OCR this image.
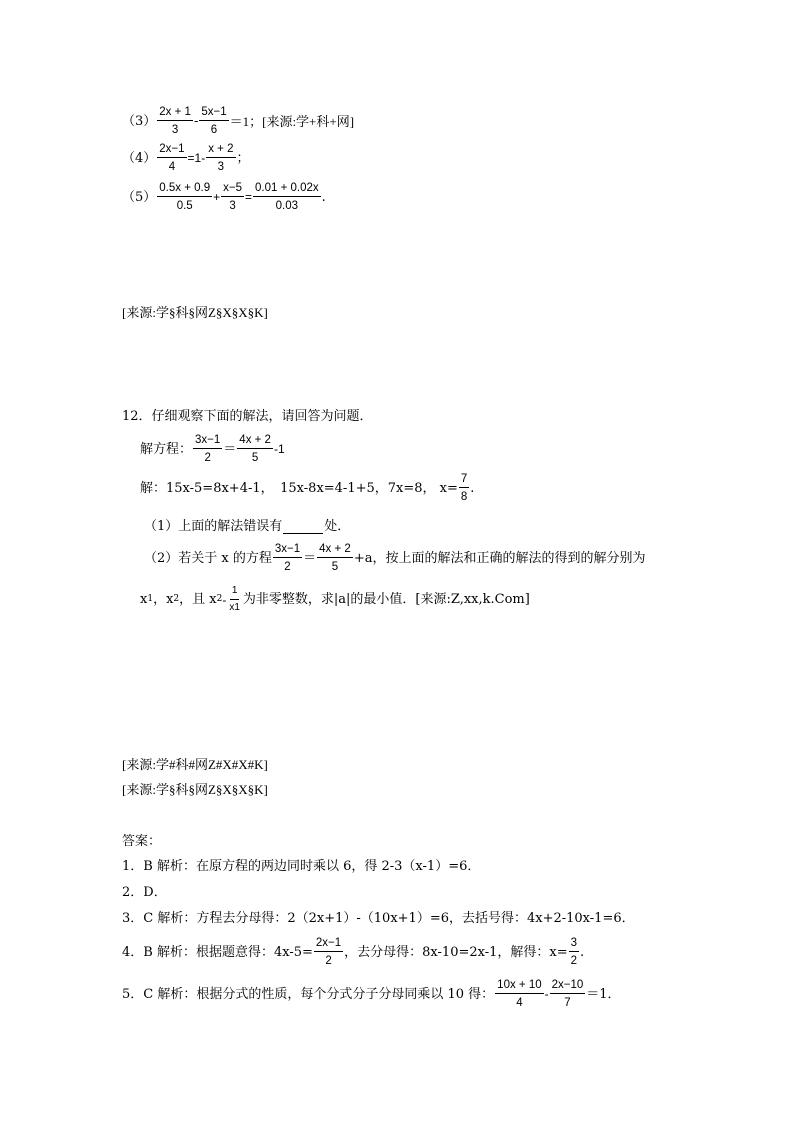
$(3) \frac{2x + 1}{3} - \frac{5x-1}{6} =1$；[来源:学+科+网]
$(4) \frac{2x-1}{4} =1- \frac{x + 2}{3}$ ；
$(5) \frac{0.5x + 0.9}{0.5} + \frac{x-5}{3} = \frac{0.01 + 0.02x}{0.03}$ .
[来源:学§科§网Z§X§X§K]
12．仔细观察下面的解法，请回答为问题．
解方程： $\frac{3x-1}{2} = \frac{4x + 2}{5} -1$
解：15x-5=8x+4-1，　15x-8x=4-1+5，7x=8， $x= \frac{7}{8}$ .
（1）上面的解法错误有	处．
（2）若关于 x 的方程 $\frac{3x-1}{2} = \frac{4x + 2}{5} +a$，按上面的解法和正确的解法的得到的解分别为
x 1 ，x 2 ，且 x $2 - \frac{1}{x1}$ 为非零整数，求|a|的最小值．[来源:Z,xx,k.Com]
[来源:学#科#网Z#X#X#K]
[来源:学§科§网Z§X§X§K]
答案：
1．B 解析：在原方程的两边同时乘以 6，得 2-3（x-1）=6．
2．D．
3．C 解析：方程去分母得：2（2x+1）-（10x+1）=6，去括号得：4x+2-10x-1=6．
4．B 解析：根据题意得：$4x-5= \frac{2x-1}{2}$ ，去分母得：8x-10=2x-1，解得：$x= \frac{3}{2}$ .
5．C 解析：根据分式的性质，每个分式分子分母同乘以 10 得： $\frac{10x + 10}{4} - \frac{2x-10}{7} =1$．
